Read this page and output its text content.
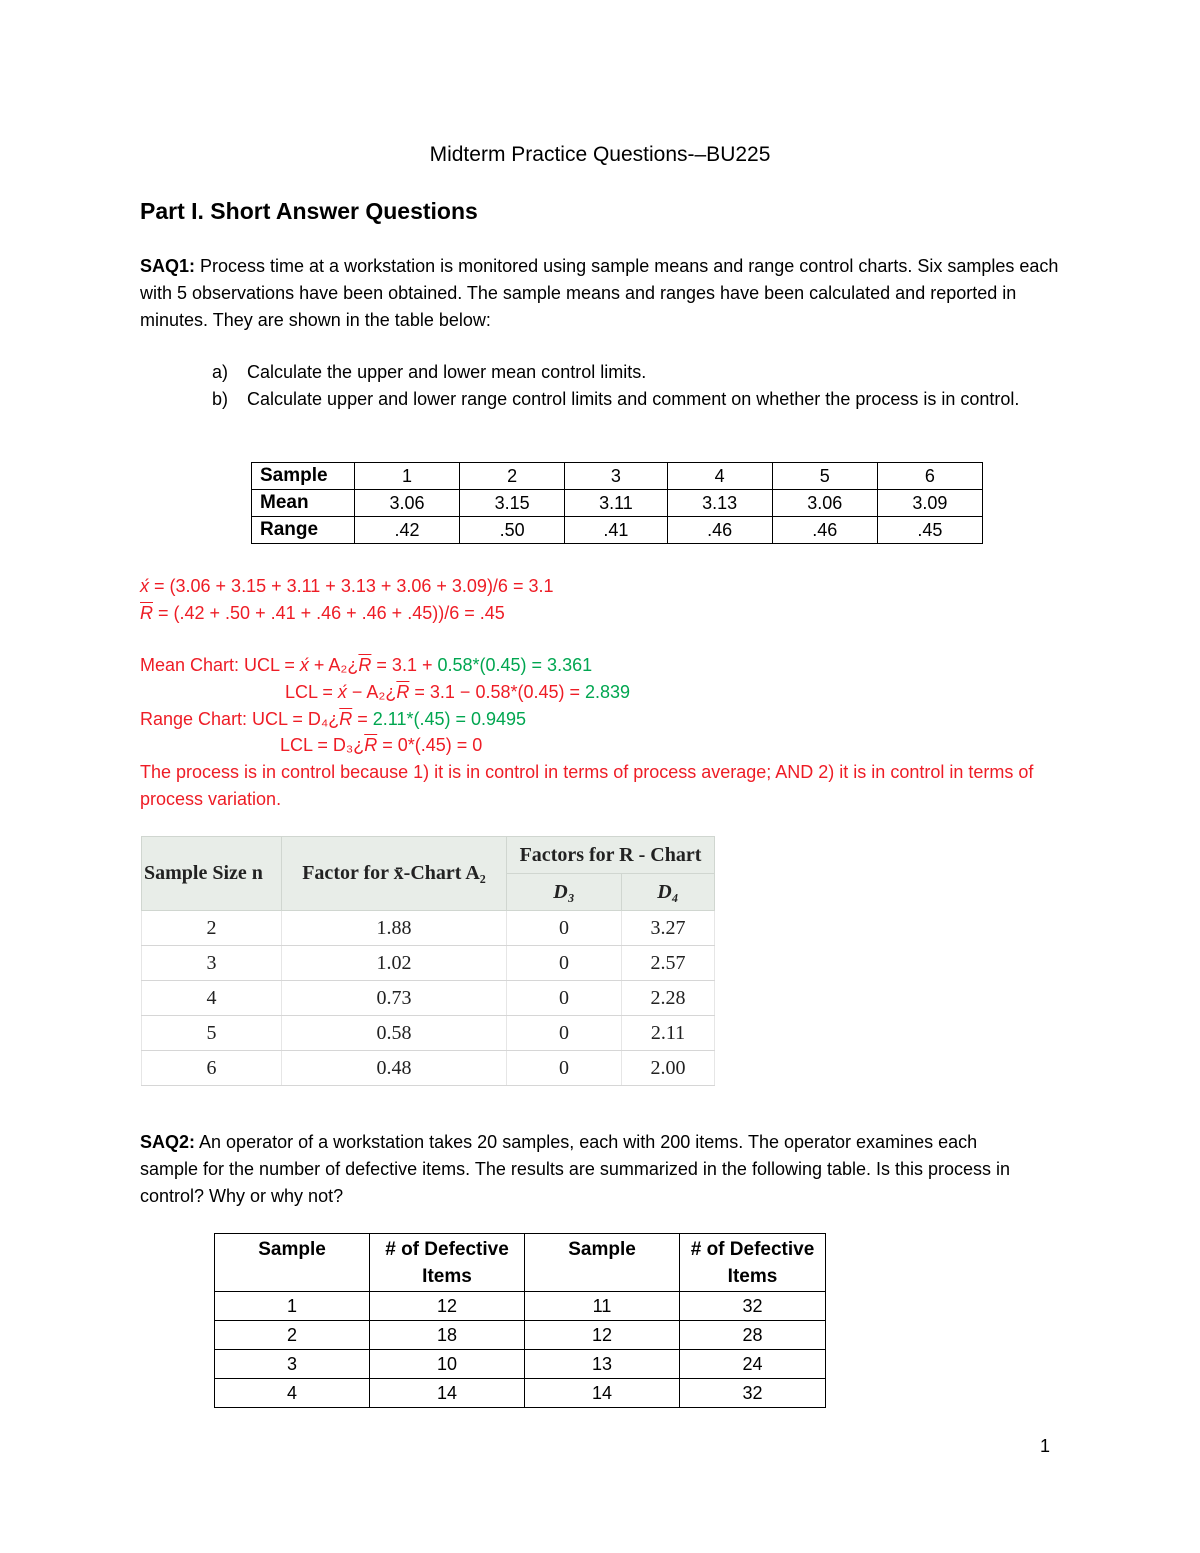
Midterm Practice Questions-–BU225
Part I. Short Answer Questions
SAQ1: Process time at a workstation is monitored using sample means and range control charts. Six samples each with 5 observations have been obtained. The sample means and ranges have been calculated and reported in minutes. They are shown in the table below:
a) Calculate the upper and lower mean control limits.
b) Calculate upper and lower range control limits and comment on whether the process is in control.
Sample	1	2	3	4	5	6
Mean	3.06	3.15	3.11	3.13	3.06	3.09
Range	.42	.50	.41	.46	.46	.45
x́ = (3.06 + 3.15 + 3.11 + 3.13 + 3.06 + 3.09)/6 = 3.1
$\overline{R} = (.42 + .50 + .41 + .46 + .46 + .45))/6 = .45$
Mean Chart: UCL = x́ + $A_2¿\overline{R} = 3.1 + 0.58*(0.45) = 3.361$
LCL = x́ − $A_2¿\overline{R} = 3.1 - 0.58*(0.45) = 2.839$
Range Chart: UCL = $D_4¿\overline{R} = 2.11*(.45) = 0.9495$
LCL = $D_3¿\overline{R} = 0*(.45) = 0$
The process is in control because 1) it is in control in terms of process average; AND 2) it is in control in terms of process variation.
Sample Size n	Factor for x̄-Chart A₂	Factors for R - Chart	
		D₃	D₄
2	1.88	0	3.27
3	1.02	0	2.57
4	0.73	0	2.28
5	0.58	0	2.11
6	0.48	0	2.00
SAQ2: An operator of a workstation takes 20 samples, each with 200 items. The operator examines each sample for the number of defective items. The results are summarized in the following table. Is this process in control? Why or why not?
Sample	# of Defective Items	Sample	# of Defective Items
1	12	11	32
2	18	12	28
3	10	13	24
4	14	14	32
1
